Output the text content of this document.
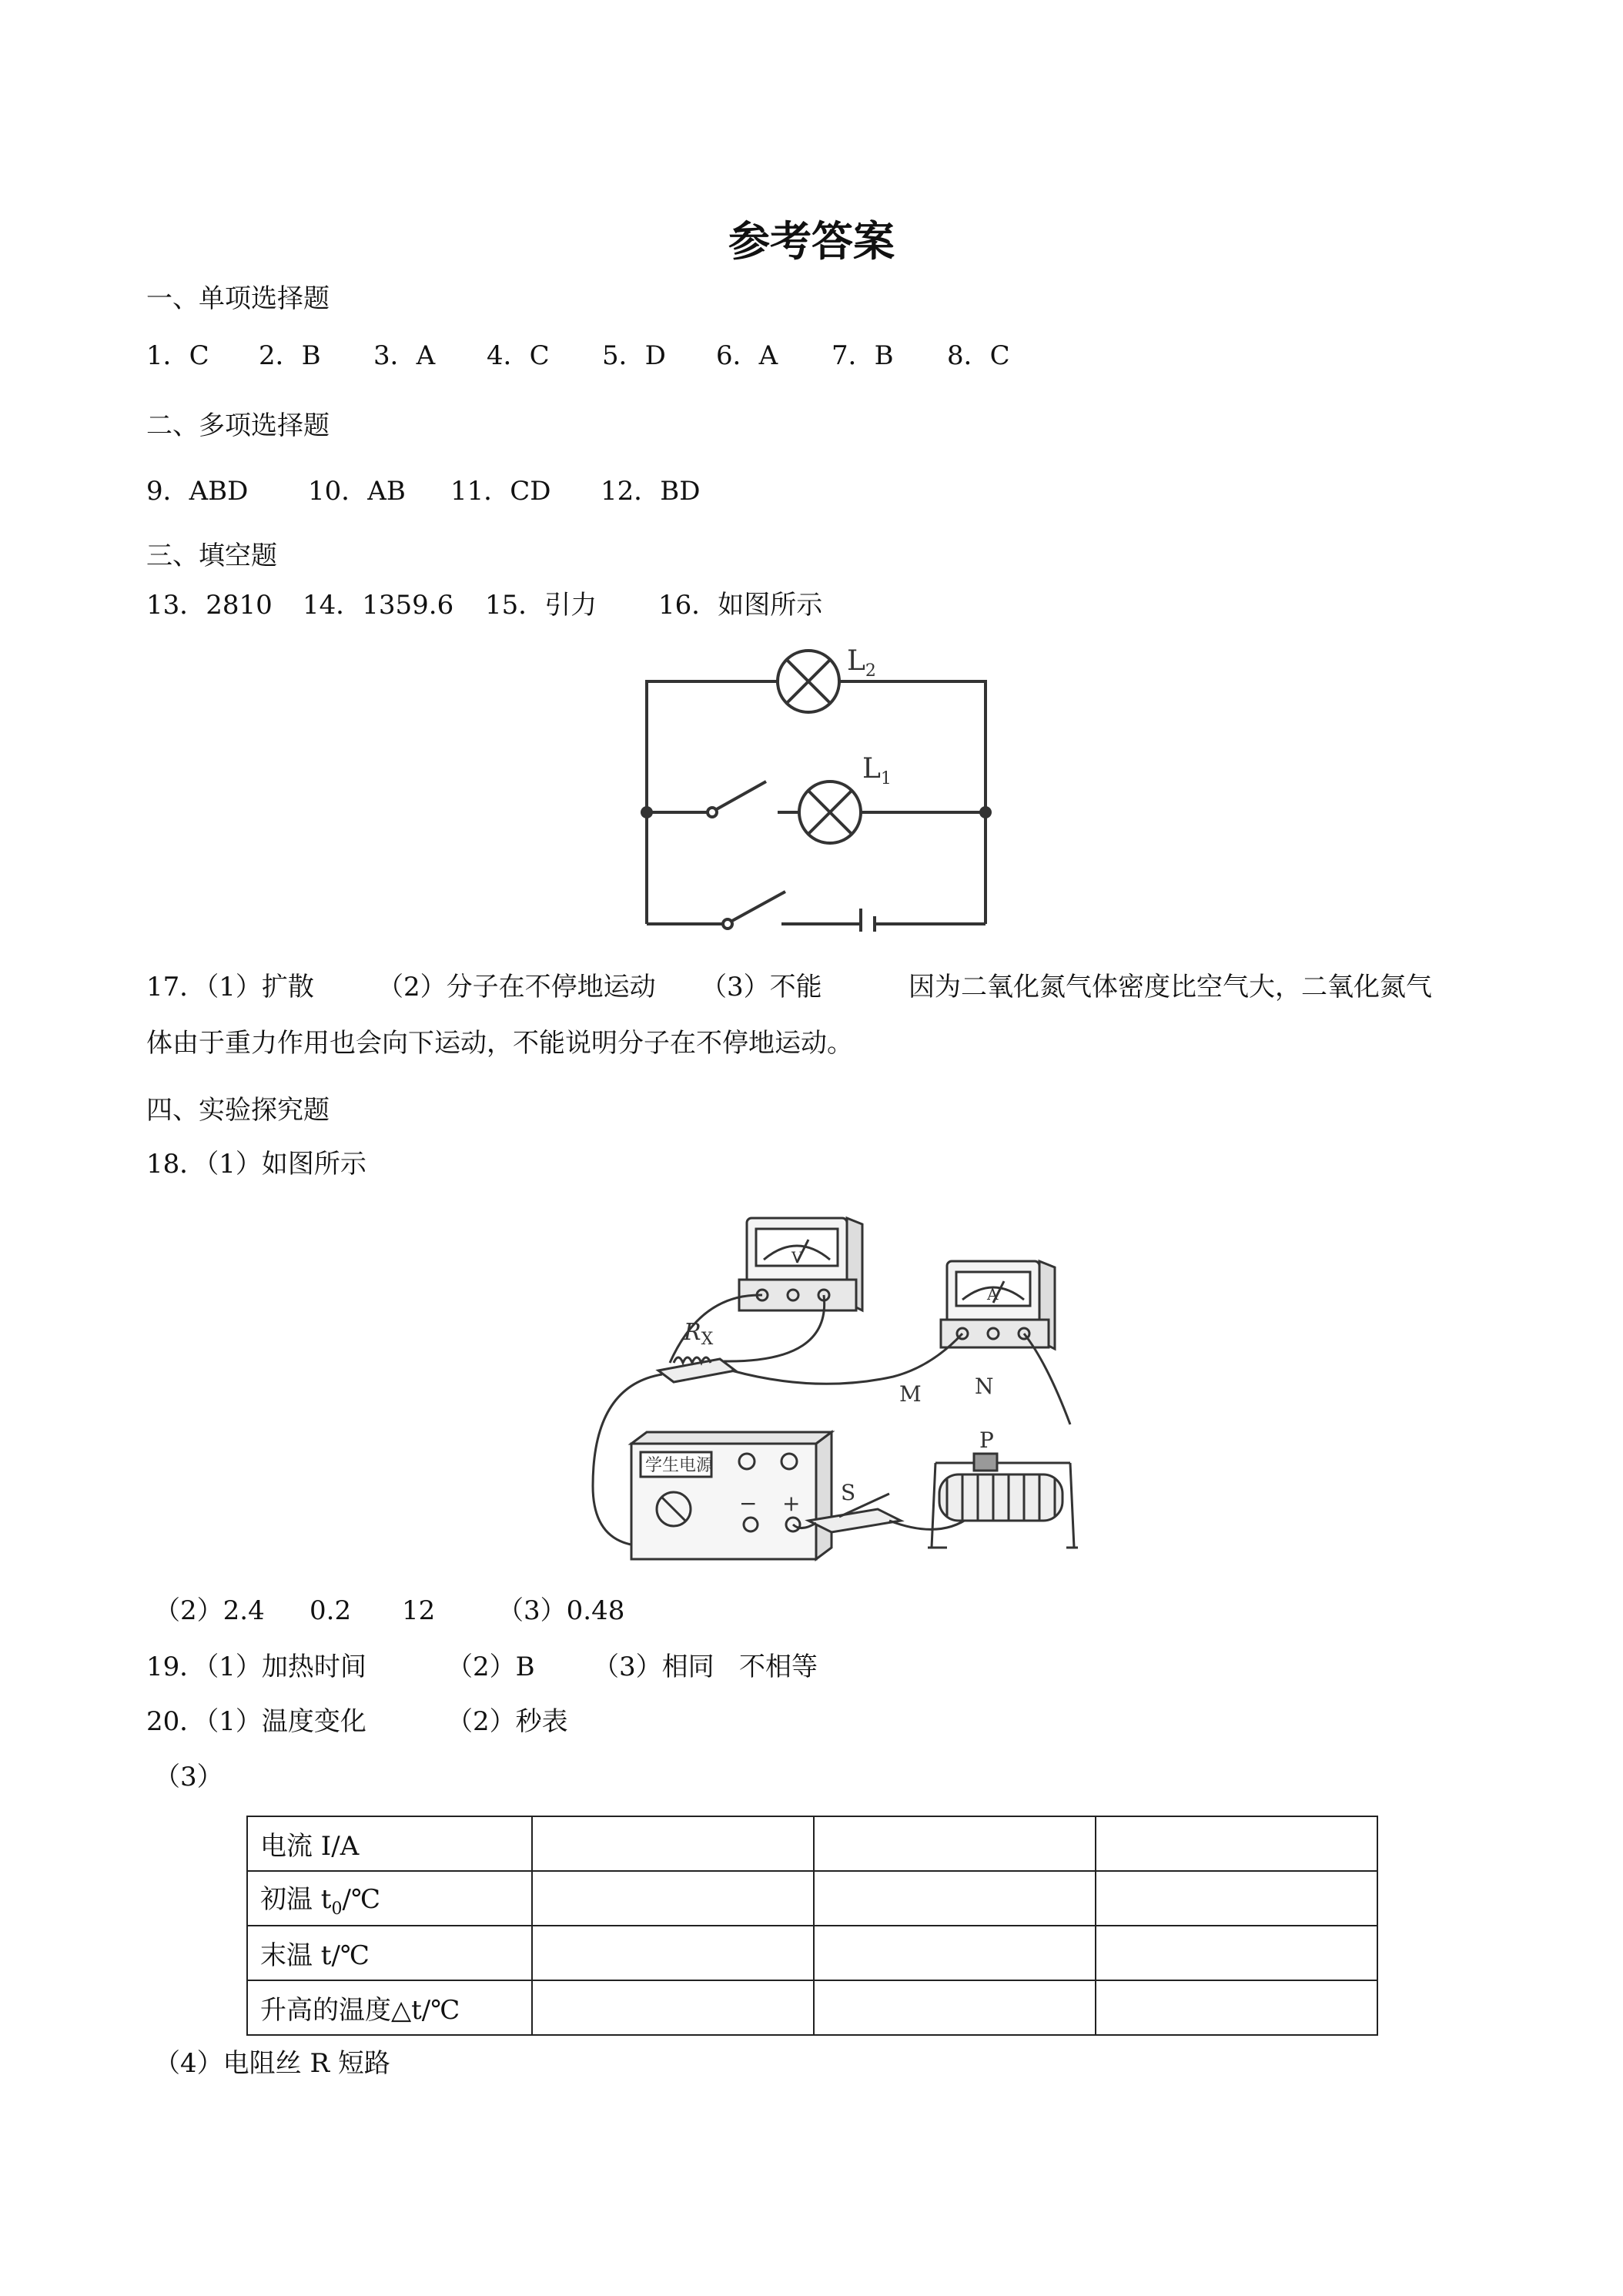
参考答案
一、单项选择题
1．C 2．B 3．A 4．C 5．D 6．A 7．B 8．C
二、多项选择题
9．ABD 10．AB 11．CD 12．BD
三、填空题
13．2810 14．1359.6 15．引力 16．如图所示
$L_2$
$L_1$
17．（1）扩散 （2）分子在不停地运动 （3）不能	因为二氧化氮气体密度比空气大，二氧化氮气
体由于重力作用也会向下运动，不能说明分子在不停地运动。
四、实验探究题
18．（1）如图所示
V
A
$R_X$
M N
P
S
学生电源
− +
（2）2.4 0.2 12 （3）0.48
19．（1）加热时间	（2）B （3）相同 不相等
20．（1）温度变化	（2）秒表
（3）
电流 I/A			
初温 $t_0/℃$			
末温 t/℃			
升高的温度△t/℃			
（4）电阻丝 R 短路
